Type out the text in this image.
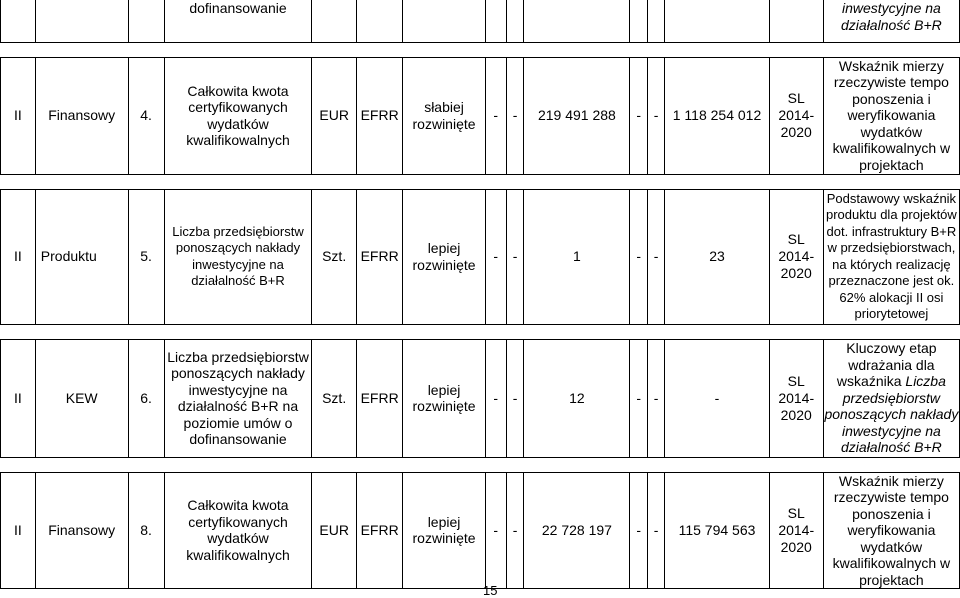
			dofinansowanie											inwestycyjne na
działalność B+R

II	Finansowy	4.	Całkowita kwota certyfikowanych wydatków kwalifikowalnych	EUR	EFRR	słabiej rozwinięte	-	-	219 491 288	-	-	1 118 254 012	SL
2014-
2020	Wskaźnik mierzy rzeczywiste tempo ponoszenia i weryfikowania wydatków kwalifikowalnych w projektach

II	Produktu	5.	Liczba przedsiębiorstw ponoszących nakłady inwestycyjne na działalność B+R	Szt.	EFRR	lepiej rozwinięte	-	-	1	-	-	23	SL
2014-
2020	Podstawowy wskaźnik produktu dla projektów dot. infrastruktury B+R w przedsiębiorstwach, na których realizację przeznaczone jest ok. 62% alokacji II osi priorytetowej

II	KEW	6.	Liczba przedsiębiorstw ponoszących nakłady inwestycyjne na działalność B+R na poziomie umów o dofinansowanie	Szt.	EFRR	lepiej rozwinięte	-	-	12	-	-	-	SL
2014-
2020	Kluczowy etap wdrażania dla wskaźnika Liczba przedsiębiorstw ponoszących nakłady inwestycyjne na działalność B+R

II	Finansowy	8.	Całkowita kwota certyfikowanych wydatków kwalifikowalnych	EUR	EFRR	lepiej rozwinięte	-	-	22 728 197	-	-	115 794 563	SL
2014-
2020	Wskaźnik mierzy rzeczywiste tempo ponoszenia i weryfikowania wydatków kwalifikowalnych w projektach
15
